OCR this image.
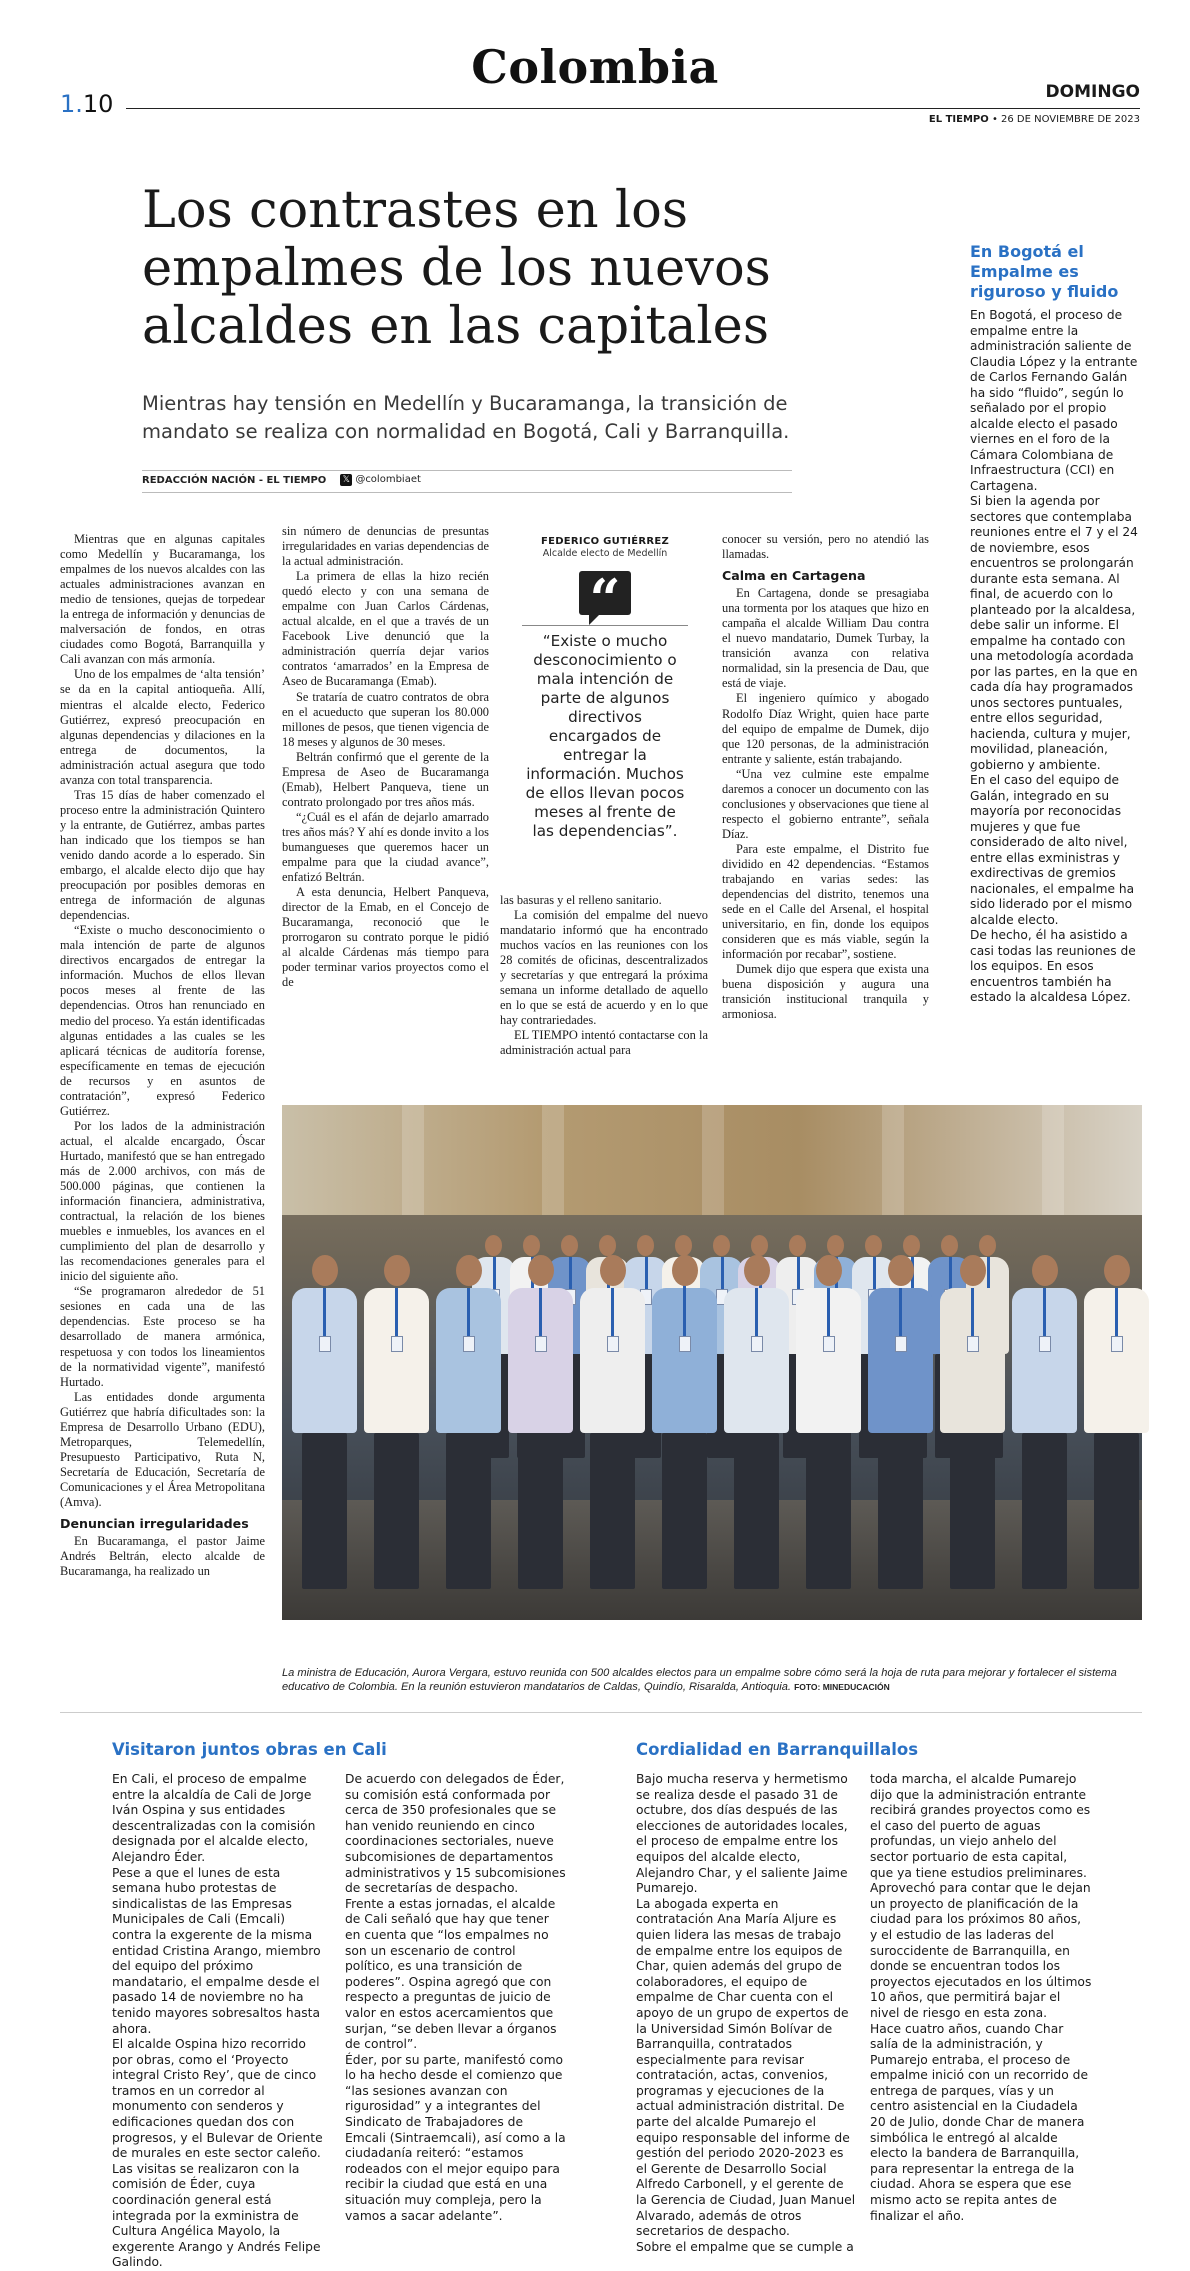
Colombia
1.10	DOMINGO
EL TIEMPO • 26 DE NOVIEMBRE DE 2023
Los contrastes en los empalmes de los nuevos alcaldes en las capitales
Mientras hay tensión en Medellín y Bucaramanga, la transición de mandato se realiza con normalidad en Bogotá, Cali y Barranquilla.
REDACCIÓN NACIÓN - EL TIEMPO 𝕏 @colombiaet

Mientras que en algunas capitales como Medellín y Bucaramanga, los empalmes de los nuevos alcaldes con las actuales administraciones avanzan en medio de tensiones, quejas de torpedear la entrega de información y denuncias de malversación de fondos, en otras ciudades como Bogotá, Barranquilla y Cali avanzan con más armonía.

Uno de los empalmes de ‘alta tensión’ se da en la capital antioqueña. Allí, mientras el alcalde electo, Federico Gutiérrez, expresó preocupación en algunas dependencias y dilaciones en la entrega de documentos, la administración actual asegura que todo avanza con total transparencia.

Tras 15 días de haber comenzado el proceso entre la administración Quintero y la entrante, de Gutiérrez, ambas partes han indicado que los tiempos se han venido dando acorde a lo esperado. Sin embargo, el alcalde electo dijo que hay preocupación por posibles demoras en entrega de información de algunas dependencias.

“Existe o mucho desconocimiento o mala intención de parte de algunos directivos encargados de entregar la información. Muchos de ellos llevan pocos meses al frente de las dependencias. Otros han renunciado en medio del proceso. Ya están identificadas algunas entidades a las cuales se les aplicará técnicas de auditoría forense, específicamente en temas de ejecución de recursos y en asuntos de contratación”, expresó Federico Gutiérrez.

Por los lados de la administración actual, el alcalde encargado, Óscar Hurtado, manifestó que se han entregado más de 2.000 archivos, con más de 500.000 páginas, que contienen la información financiera, administrativa, contractual, la relación de los bienes muebles e inmuebles, los avances en el cumplimiento del plan de desarrollo y las recomendaciones generales para el inicio del siguiente año.

“Se programaron alrededor de 51 sesiones en cada una de las dependencias. Este proceso se ha desarrollado de manera armónica, respetuosa y con todos los lineamientos de la normatividad vigente”, manifestó Hurtado.

Las entidades donde argumenta Gutiérrez que habría dificultades son: la Empresa de Desarrollo Urbano (EDU), Metroparques, Telemedellín, Presupuesto Participativo, Ruta N, Secretaría de Educación, Secretaría de Comunicaciones y el Área Metropolitana (Amva).

Denuncian irregularidades

En Bucaramanga, el pastor Jaime Andrés Beltrán, electo alcalde de Bucaramanga, ha realizado un

sin número de denuncias de presuntas irregularidades en varias dependencias de la actual administración.

La primera de ellas la hizo recién quedó electo y con una semana de empalme con Juan Carlos Cárdenas, actual alcalde, en el que a través de un Facebook Live denunció que la administración querría dejar varios contratos ‘amarrados’ en la Empresa de Aseo de Bucaramanga (Emab).

Se trataría de cuatro contratos de obra en el acueducto que superan los 80.000 millones de pesos, que tienen vigencia de 18 meses y algunos de 30 meses.

Beltrán confirmó que el gerente de la Empresa de Aseo de Bucaramanga (Emab), Helbert Panqueva, tiene un contrato prolongado por tres años más.

“¿Cuál es el afán de dejarlo amarrado tres años más? Y ahí es donde invito a los bumangueses que queremos hacer un empalme para que la ciudad avance”, enfatizó Beltrán.

A esta denuncia, Helbert Panqueva, director de la Emab, en el Concejo de Bucaramanga, reconoció que le prorrogaron su contrato porque le pidió al alcalde Cárdenas más tiempo para poder terminar varios proyectos como el de

FEDERICO GUTIÉRREZ
Alcalde electo de Medellín
“
“Existe o mucho desconocimiento o mala intención de parte de algunos directivos encargados de entregar la información. Muchos de ellos llevan pocos meses al frente de las dependencias”.

las basuras y el relleno sanitario.

La comisión del empalme del nuevo mandatario informó que ha encontrado muchos vacíos en las reuniones con los 28 comités de oficinas, descentralizados y secretarías y que entregará la próxima semana un informe detallado de aquello en lo que se está de acuerdo y en lo que hay contrariedades.

EL TIEMPO intentó contactarse con la administración actual para

conocer su versión, pero no atendió las llamadas.

Calma en Cartagena

En Cartagena, donde se presagiaba una tormenta por los ataques que hizo en campaña el alcalde William Dau contra el nuevo mandatario, Dumek Turbay, la transición avanza con relativa normalidad, sin la presencia de Dau, que está de viaje.

El ingeniero químico y abogado Rodolfo Díaz Wright, quien hace parte del equipo de empalme de Dumek, dijo que 120 personas, de la administración entrante y saliente, están trabajando.

“Una vez culmine este empalme daremos a conocer un documento con las conclusiones y observaciones que tiene al respecto el gobierno entrante”, señala Díaz.

Para este empalme, el Distrito fue dividido en 42 dependencias. “Estamos trabajando en varias sedes: las dependencias del distrito, tenemos una sede en el Calle del Arsenal, el hospital universitario, en fin, donde los equipos consideren que es más viable, según la información por recabar”, sostiene.

Dumek dijo que espera que exista una buena disposición y augura una transición institucional tranquila y armoniosa.

En Bogotá el Empalme es riguroso y fluido

En Bogotá, el proceso de empalme entre la administración saliente de Claudia López y la entrante de Carlos Fernando Galán ha sido “fluido”, según lo señalado por el propio alcalde electo el pasado viernes en el foro de la Cámara Colombiana de Infraestructura (CCI) en Cartagena.

Si bien la agenda por sectores que contemplaba reuniones entre el 7 y el 24 de noviembre, esos encuentros se prolongarán durante esta semana. Al final, de acuerdo con lo planteado por la alcaldesa, debe salir un informe. El empalme ha contado con una metodología acordada por las partes, en la que en cada día hay programados unos sectores puntuales, entre ellos seguridad, hacienda, cultura y mujer, movilidad, planeación, gobierno y ambiente.

En el caso del equipo de Galán, integrado en su mayoría por reconocidas mujeres y que fue considerado de alto nivel, entre ellas exministras y exdirectivas de gremios nacionales, el empalme ha sido liderado por el mismo alcalde electo.

De hecho, él ha asistido a casi todas las reuniones de los equipos. En esos encuentros también ha estado la alcaldesa López.

La ministra de Educación, Aurora Vergara, estuvo reunida con 500 alcaldes electos para un empalme sobre cómo será la hoja de ruta para mejorar y fortalecer el sistema educativo de Colombia. En la reunión estuvieron mandatarios de Caldas, Quindío, Risaralda, Antioquia. FOTO: MINEDUCACIÓN
Visitaron juntos obras en Cali	Cordialidad en Barranquillalos

En Cali, el proceso de empalme entre la alcaldía de Cali de Jorge Iván Ospina y sus entidades descentralizadas con la comisión designada por el alcalde electo, Alejandro Éder.

Pese a que el lunes de esta semana hubo protestas de sindicalistas de las Empresas Municipales de Cali (Emcali) contra la exgerente de la misma entidad Cristina Arango, miembro del equipo del próximo mandatario, el empalme desde el pasado 14 de noviembre no ha tenido mayores sobresaltos hasta ahora.

El alcalde Ospina hizo recorrido por obras, como el ‘Proyecto integral Cristo Rey’, que de cinco tramos en un corredor al monumento con senderos y edificaciones quedan dos con progresos, y el Bulevar de Oriente de murales en este sector caleño. Las visitas se realizaron con la comisión de Éder, cuya coordinación general está integrada por la exministra de Cultura Angélica Mayolo, la exgerente Arango y Andrés Felipe Galindo.

De acuerdo con delegados de Éder, su comisión está conformada por cerca de 350 profesionales que se han venido reuniendo en cinco coordinaciones sectoriales, nueve subcomisiones de departamentos administrativos y 15 subcomisiones de secretarías de despacho.

Frente a estas jornadas, el alcalde de Cali señaló que hay que tener en cuenta que “los empalmes no son un escenario de control político, es una transición de poderes”. Ospina agregó que con respecto a preguntas de juicio de valor en estos acercamientos que surjan, “se deben llevar a órganos de control”.

Éder, por su parte, manifestó como lo ha hecho desde el comienzo que “las sesiones avanzan con rigurosidad” y a integrantes del Sindicato de Trabajadores de Emcali (Sintraemcali), así como a la ciudadanía reiteró: “estamos rodeados con el mejor equipo para recibir la ciudad que está en una situación muy compleja, pero la vamos a sacar adelante”.

Bajo mucha reserva y hermetismo se realiza desde el pasado 31 de octubre, dos días después de las elecciones de autoridades locales, el proceso de empalme entre los equipos del alcalde electo, Alejandro Char, y el saliente Jaime Pumarejo.

La abogada experta en contratación Ana María Aljure es quien lidera las mesas de trabajo de empalme entre los equipos de Char, quien además del grupo de colaboradores, el equipo de empalme de Char cuenta con el apoyo de un grupo de expertos de la Universidad Simón Bolívar de Barranquilla, contratados especialmente para revisar contratación, actas, convenios, programas y ejecuciones de la actual administración distrital. De parte del alcalde Pumarejo el equipo responsable del informe de gestión del periodo 2020-2023 es el Gerente de Desarrollo Social Alfredo Carbonell, y el gerente de la Gerencia de Ciudad, Juan Manuel Alvarado, además de otros secretarios de despacho.

Sobre el empalme que se cumple a

toda marcha, el alcalde Pumarejo dijo que la administración entrante recibirá grandes proyectos como es el caso del puerto de aguas profundas, un viejo anhelo del sector portuario de esta capital, que ya tiene estudios preliminares.

Aprovechó para contar que le dejan un proyecto de planificación de la ciudad para los próximos 80 años, y el estudio de las laderas del suroccidente de Barranquilla, en donde se encuentran todos los proyectos ejecutados en los últimos 10 años, que permitirá bajar el nivel de riesgo en esta zona.

Hace cuatro años, cuando Char salía de la administración, y Pumarejo entraba, el proceso de empalme inició con un recorrido de entrega de parques, vías y un centro asistencial en la Ciudadela 20 de Julio, donde Char de manera simbólica le entregó al alcalde electo la bandera de Barranquilla, para representar la entrega de la ciudad. Ahora se espera que ese mismo acto se repita antes de finalizar el año.
